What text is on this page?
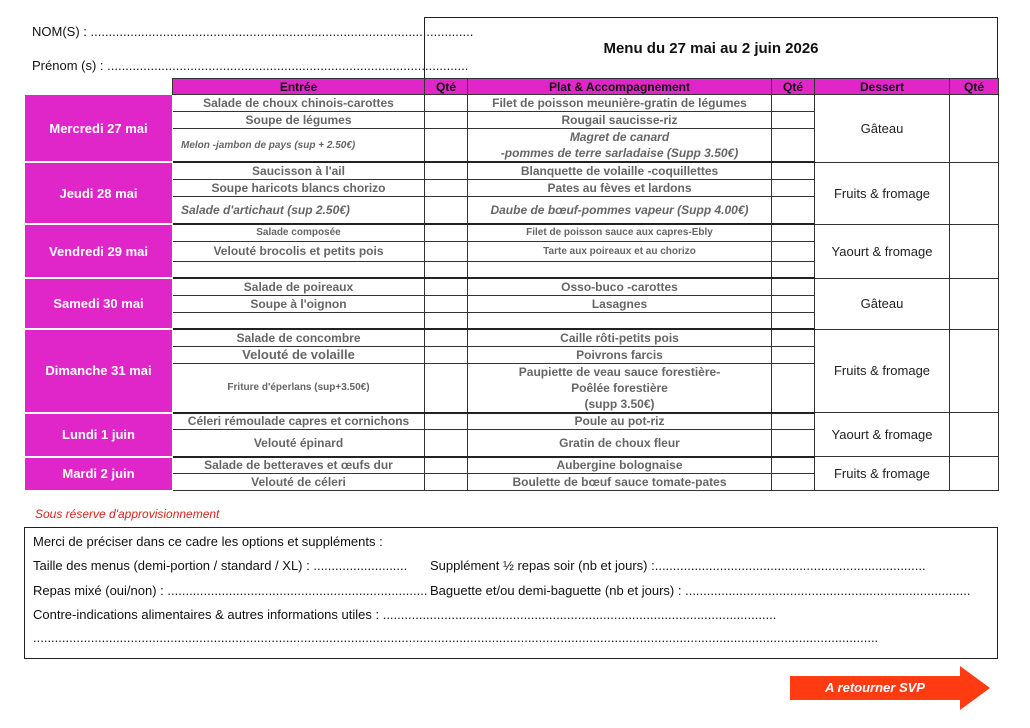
NOM(S) : ..........................................................................................................
Prénom (s) : ....................................................................................................
Menu du 27 mai au 2 juin 2026
	Entrée	Qté	Plat & Accompagnement	Qté	Dessert	Qté
Mercredi 27 mai	Salade de choux chinois-carottes		Filet de poisson meunière-gratin de légumes		Gâteau	
	Soupe de légumes		Rougail saucisse-riz			
	Melon -jambon de pays (sup + 2.50€)		Magret de canard
-pommes de terre sarladaise (Supp 3.50€)			
Jeudi 28 mai	Saucisson à l'ail		Blanquette de volaille -coquillettes		Fruits & fromage	
	Soupe haricots blancs chorizo		Pates au fèves et lardons			
	Salade d'artichaut (sup 2.50€)		Daube de bœuf-pommes vapeur (Supp 4.00€)			
Vendredi 29 mai	Salade composée		Filet de poisson sauce aux capres-Ebly		Yaourt & fromage	
	Velouté brocolis et petits pois		Tarte aux poireaux et au chorizo			

Samedi 30 mai	Salade de poireaux		Osso-buco -carottes		Gâteau	
	Soupe à l'oignon		Lasagnes			

Dimanche 31 mai	Salade de concombre		Caille rôti-petits pois		Fruits & fromage	
	Velouté de volaille		Poivrons farcis			
	Friture d'éperlans (sup+3.50€)		Paupiette de veau sauce forestière-
Poêlée forestière
(supp 3.50€)			
Lundi 1 juin	Céleri rémoulade capres et cornichons		Poule au pot-riz		Yaourt & fromage	
	Velouté épinard		Gratin de choux fleur			
Mardi 2 juin	Salade de betteraves et œufs dur		Aubergine bolognaise		Fruits & fromage	
	Velouté de céleri		Boulette de bœuf sauce tomate-pates			
Sous réserve d'approvisionnement
Merci de préciser dans ce cadre les options et suppléments :
Taille des menus (demi-portion / standard / XL) : .......................... Supplément ½ repas soir (nb et jours) :...........................................................................
Repas mixé (oui/non) : ........................................................................ Baguette et/ou demi-baguette (nb et jours) : ...............................................................................
Contre-indications alimentaires & autres informations utiles : .............................................................................................................
..........................................................................................................................................................................................................................................
A retourner SVP
